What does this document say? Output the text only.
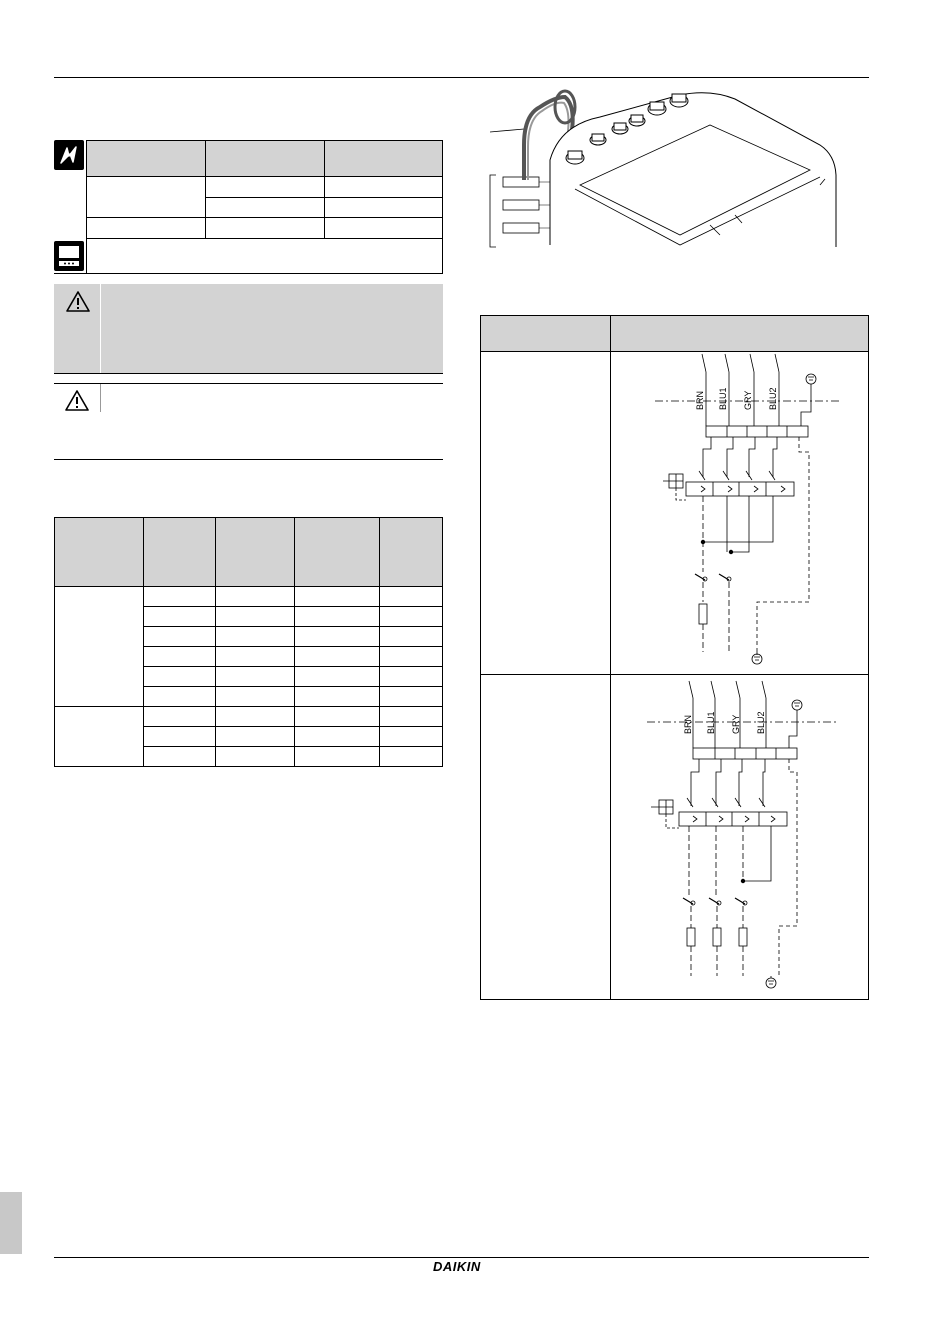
BRN BLU1 GRY BLU2
BRN BLU1 GRY BLU2
DAIKIN
